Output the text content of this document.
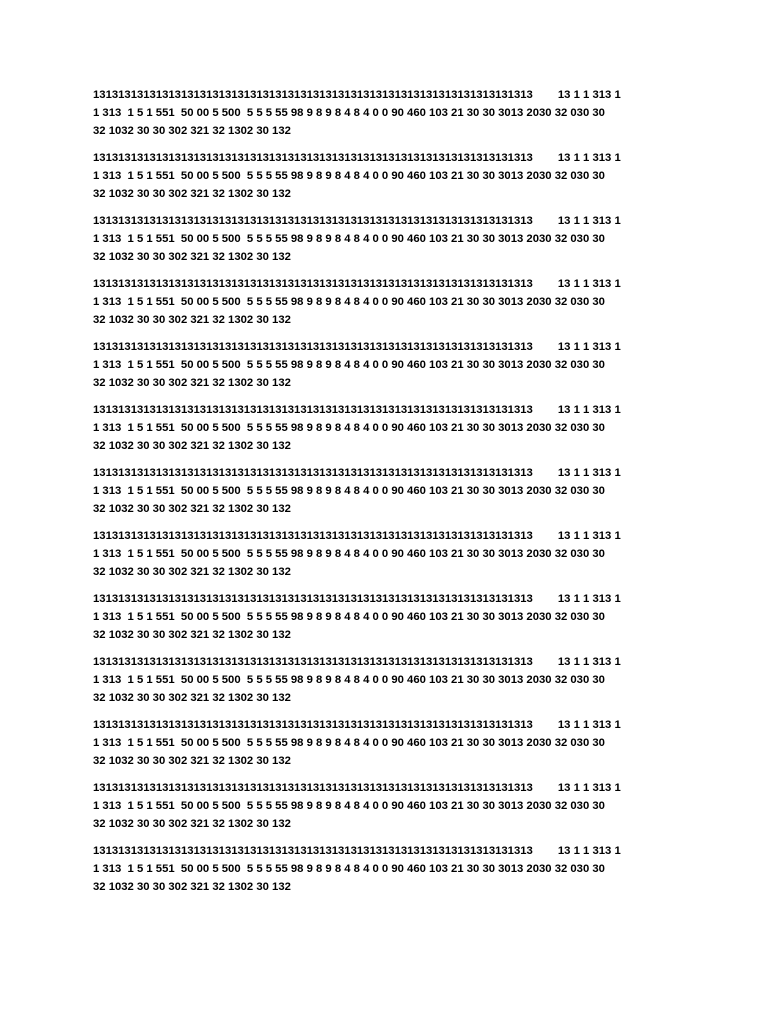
1313131313131313131313131313131313131313131313131313131313131313131313        13 1 1 313 1
1 313  1 5 1 551  50 00 5 500  5 5 5 55 98 9 8 9 8 4 8 4 0 0 90 460 103 21 30 30 3013 2030 32 030 30
32 1032 30 30 302 321 32 1302 30 132

1313131313131313131313131313131313131313131313131313131313131313131313        13 1 1 313 1
1 313  1 5 1 551  50 00 5 500  5 5 5 55 98 9 8 9 8 4 8 4 0 0 90 460 103 21 30 30 3013 2030 32 030 30
32 1032 30 30 302 321 32 1302 30 132

1313131313131313131313131313131313131313131313131313131313131313131313        13 1 1 313 1
1 313  1 5 1 551  50 00 5 500  5 5 5 55 98 9 8 9 8 4 8 4 0 0 90 460 103 21 30 30 3013 2030 32 030 30
32 1032 30 30 302 321 32 1302 30 132

1313131313131313131313131313131313131313131313131313131313131313131313        13 1 1 313 1
1 313  1 5 1 551  50 00 5 500  5 5 5 55 98 9 8 9 8 4 8 4 0 0 90 460 103 21 30 30 3013 2030 32 030 30
32 1032 30 30 302 321 32 1302 30 132

1313131313131313131313131313131313131313131313131313131313131313131313        13 1 1 313 1
1 313  1 5 1 551  50 00 5 500  5 5 5 55 98 9 8 9 8 4 8 4 0 0 90 460 103 21 30 30 3013 2030 32 030 30
32 1032 30 30 302 321 32 1302 30 132

1313131313131313131313131313131313131313131313131313131313131313131313        13 1 1 313 1
1 313  1 5 1 551  50 00 5 500  5 5 5 55 98 9 8 9 8 4 8 4 0 0 90 460 103 21 30 30 3013 2030 32 030 30
32 1032 30 30 302 321 32 1302 30 132

1313131313131313131313131313131313131313131313131313131313131313131313        13 1 1 313 1
1 313  1 5 1 551  50 00 5 500  5 5 5 55 98 9 8 9 8 4 8 4 0 0 90 460 103 21 30 30 3013 2030 32 030 30
32 1032 30 30 302 321 32 1302 30 132

1313131313131313131313131313131313131313131313131313131313131313131313        13 1 1 313 1
1 313  1 5 1 551  50 00 5 500  5 5 5 55 98 9 8 9 8 4 8 4 0 0 90 460 103 21 30 30 3013 2030 32 030 30
32 1032 30 30 302 321 32 1302 30 132

1313131313131313131313131313131313131313131313131313131313131313131313        13 1 1 313 1
1 313  1 5 1 551  50 00 5 500  5 5 5 55 98 9 8 9 8 4 8 4 0 0 90 460 103 21 30 30 3013 2030 32 030 30
32 1032 30 30 302 321 32 1302 30 132

1313131313131313131313131313131313131313131313131313131313131313131313        13 1 1 313 1
1 313  1 5 1 551  50 00 5 500  5 5 5 55 98 9 8 9 8 4 8 4 0 0 90 460 103 21 30 30 3013 2030 32 030 30
32 1032 30 30 302 321 32 1302 30 132

1313131313131313131313131313131313131313131313131313131313131313131313        13 1 1 313 1
1 313  1 5 1 551  50 00 5 500  5 5 5 55 98 9 8 9 8 4 8 4 0 0 90 460 103 21 30 30 3013 2030 32 030 30
32 1032 30 30 302 321 32 1302 30 132

1313131313131313131313131313131313131313131313131313131313131313131313        13 1 1 313 1
1 313  1 5 1 551  50 00 5 500  5 5 5 55 98 9 8 9 8 4 8 4 0 0 90 460 103 21 30 30 3013 2030 32 030 30
32 1032 30 30 302 321 32 1302 30 132

1313131313131313131313131313131313131313131313131313131313131313131313        13 1 1 313 1
1 313  1 5 1 551  50 00 5 500  5 5 5 55 98 9 8 9 8 4 8 4 0 0 90 460 103 21 30 30 3013 2030 32 030 30
32 1032 30 30 302 321 32 1302 30 132
